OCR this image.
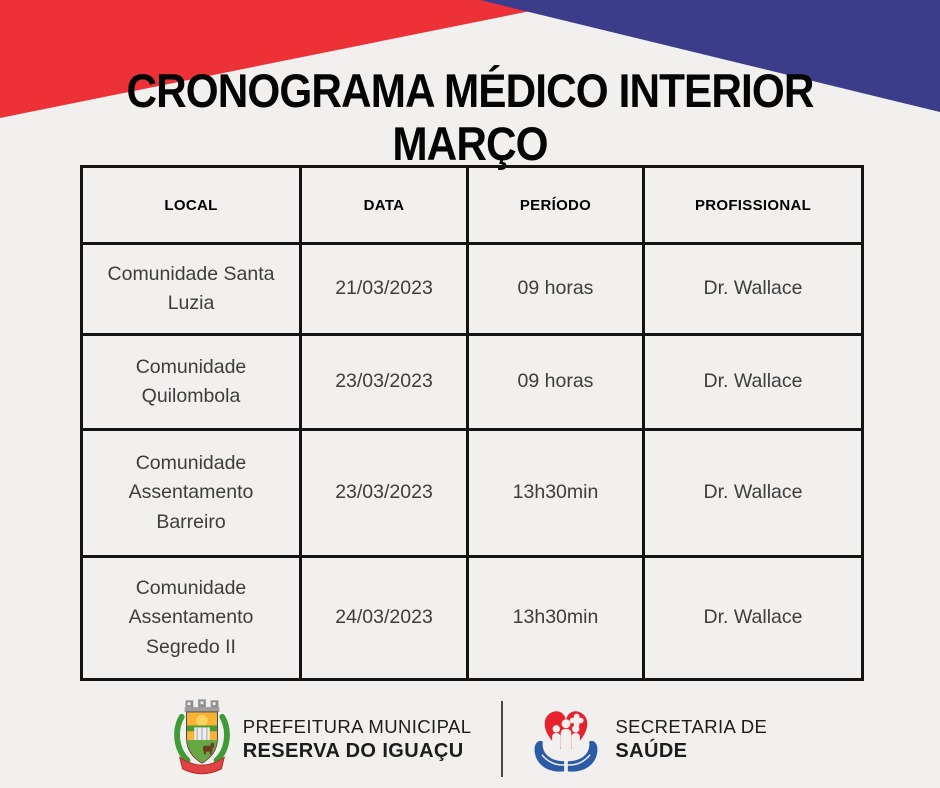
CRONOGRAMA MÉDICO INTERIOR
MARÇO
LOCAL	DATA	PERÍODO	PROFISSIONAL
Comunidade Santa Luzia	21/03/2023	09 horas	Dr. Wallace
Comunidade Quilombola	23/03/2023	09 horas	Dr. Wallace
Comunidade Assentamento Barreiro	23/03/2023	13h30min	Dr. Wallace
Comunidade Assentamento Segredo II	24/03/2023	13h30min	Dr. Wallace
PREFEITURA MUNICIPAL
RESERVA DO IGUAÇU
SECRETARIA DE
SAÚDE
